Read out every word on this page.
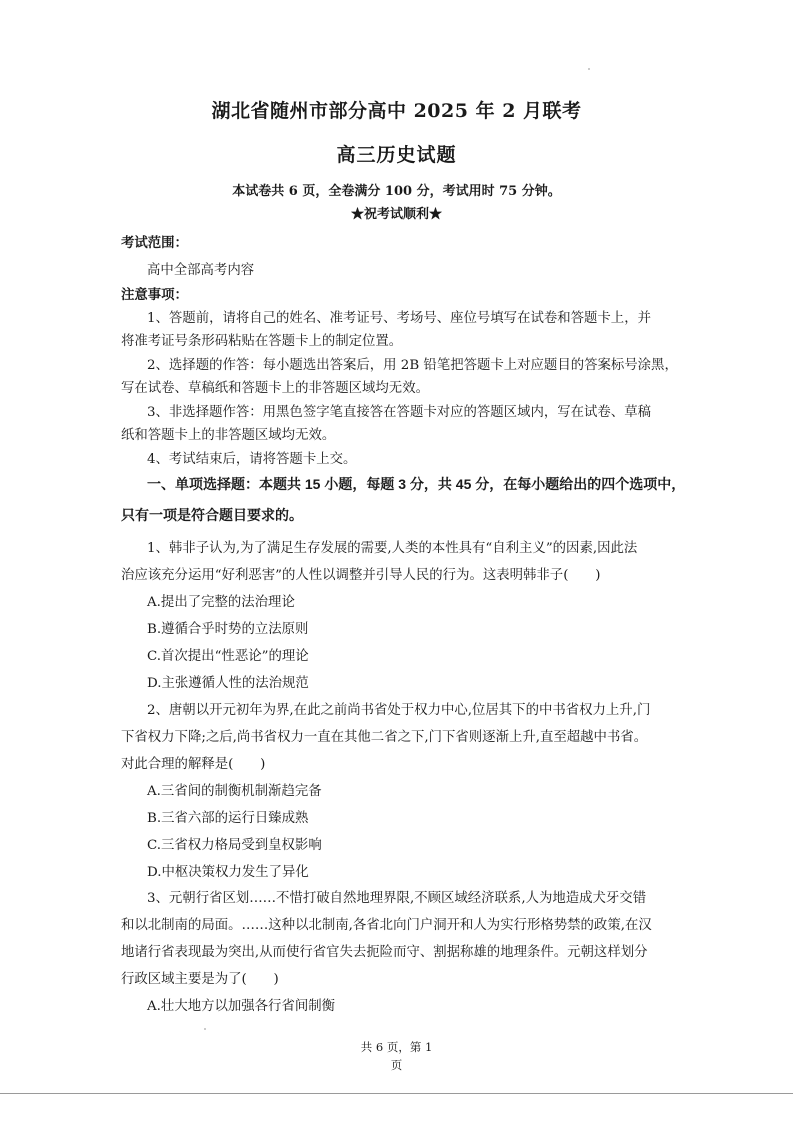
湖北省随州市部分高中 2025 年 2 月联考
高三历史试题
本试卷共 6 页，全卷满分 100 分，考试用时 75 分钟。
★祝考试顺利★
考试范围：
高中全部高考内容
注意事项：
1、答题前，请将自己的姓名、准考证号、考场号、座位号填写在试卷和答题卡上，并
将准考证号条形码粘贴在答题卡上的制定位置。
2、选择题的作答：每小题选出答案后，用 2B 铅笔把答题卡上对应题目的答案标号涂黑，
写在试卷、草稿纸和答题卡上的非答题区域均无效。
3、非选择题作答：用黑色签字笔直接答在答题卡对应的答题区域内，写在试卷、草稿
纸和答题卡上的非答题区域均无效。
4、考试结束后，请将答题卡上交。
一、单项选择题：本题共 15 小题，每题 3 分，共 45 分，在每小题给出的四个选项中，
只有一项是符合题目要求的。
1、韩非子认为,为了满足生存发展的需要,人类的本性具有“自利主义”的因素,因此法
治应该充分运用“好利恶害”的人性以调整并引导人民的行为。这表明韩非子(　　)
A.提出了完整的法治理论
B.遵循合乎时势的立法原则
C.首次提出“性恶论”的理论
D.主张遵循人性的法治规范
2、唐朝以开元初年为界,在此之前尚书省处于权力中心,位居其下的中书省权力上升,门
下省权力下降;之后,尚书省权力一直在其他二省之下,门下省则逐渐上升,直至超越中书省。
对此合理的解释是(　　)
A.三省间的制衡机制渐趋完备
B.三省六部的运行日臻成熟
C.三省权力格局受到皇权影响
D.中枢决策权力发生了异化
3、元朝行省区划……不惜打破自然地理界限,不顾区域经济联系,人为地造成犬牙交错
和以北制南的局面。……这种以北制南,各省北向门户洞开和人为实行形格势禁的政策,在汉
地诸行省表现最为突出,从而使行省官失去扼险而守、割据称雄的地理条件。元朝这样划分
行政区域主要是为了(　　)
A.壮大地方以加强各行省间制衡
共 6 页，第 1
页
